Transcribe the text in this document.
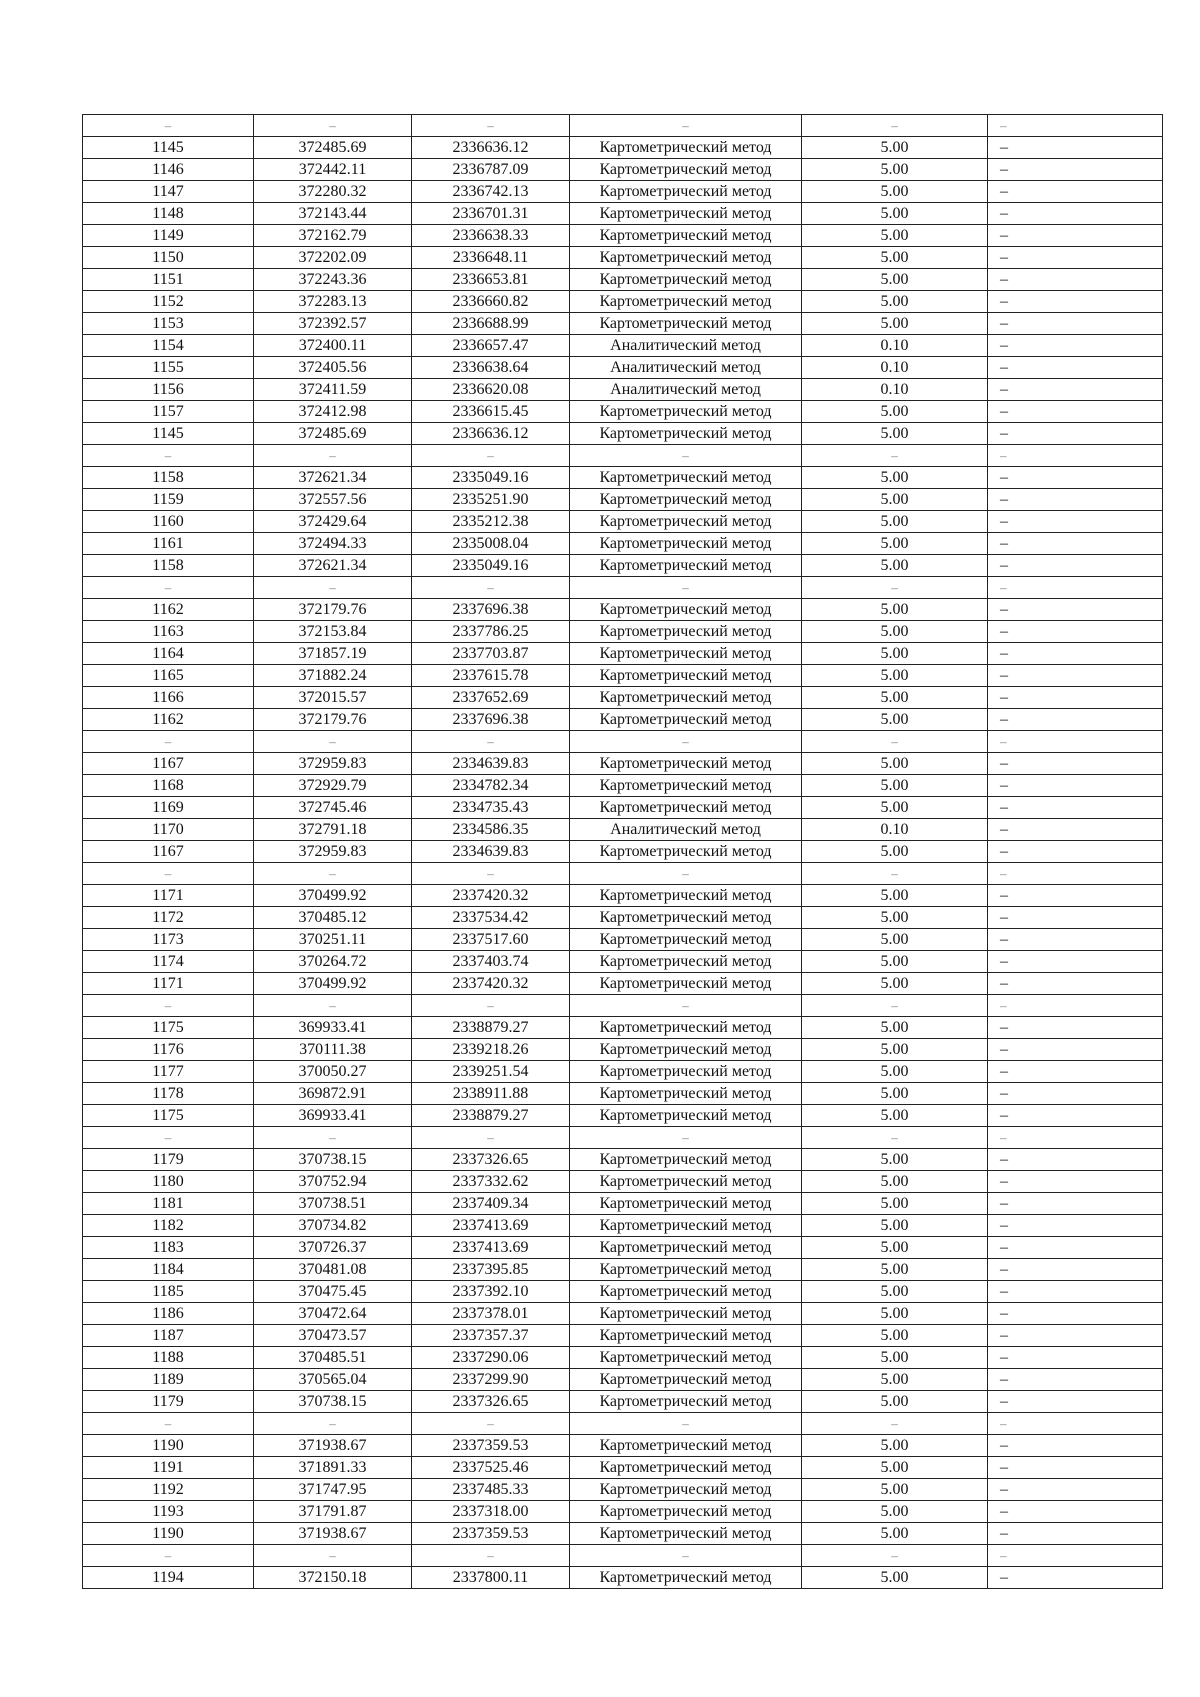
–	–	–	–	–	–
1145	372485.69	2336636.12	Картометрический метод	5.00	–
1146	372442.11	2336787.09	Картометрический метод	5.00	–
1147	372280.32	2336742.13	Картометрический метод	5.00	–
1148	372143.44	2336701.31	Картометрический метод	5.00	–
1149	372162.79	2336638.33	Картометрический метод	5.00	–
1150	372202.09	2336648.11	Картометрический метод	5.00	–
1151	372243.36	2336653.81	Картометрический метод	5.00	–
1152	372283.13	2336660.82	Картометрический метод	5.00	–
1153	372392.57	2336688.99	Картометрический метод	5.00	–
1154	372400.11	2336657.47	Аналитический метод	0.10	–
1155	372405.56	2336638.64	Аналитический метод	0.10	–
1156	372411.59	2336620.08	Аналитический метод	0.10	–
1157	372412.98	2336615.45	Картометрический метод	5.00	–
1145	372485.69	2336636.12	Картометрический метод	5.00	–
–	–	–	–	–	–
1158	372621.34	2335049.16	Картометрический метод	5.00	–
1159	372557.56	2335251.90	Картометрический метод	5.00	–
1160	372429.64	2335212.38	Картометрический метод	5.00	–
1161	372494.33	2335008.04	Картометрический метод	5.00	–
1158	372621.34	2335049.16	Картометрический метод	5.00	–
–	–	–	–	–	–
1162	372179.76	2337696.38	Картометрический метод	5.00	–
1163	372153.84	2337786.25	Картометрический метод	5.00	–
1164	371857.19	2337703.87	Картометрический метод	5.00	–
1165	371882.24	2337615.78	Картометрический метод	5.00	–
1166	372015.57	2337652.69	Картометрический метод	5.00	–
1162	372179.76	2337696.38	Картометрический метод	5.00	–
–	–	–	–	–	–
1167	372959.83	2334639.83	Картометрический метод	5.00	–
1168	372929.79	2334782.34	Картометрический метод	5.00	–
1169	372745.46	2334735.43	Картометрический метод	5.00	–
1170	372791.18	2334586.35	Аналитический метод	0.10	–
1167	372959.83	2334639.83	Картометрический метод	5.00	–
–	–	–	–	–	–
1171	370499.92	2337420.32	Картометрический метод	5.00	–
1172	370485.12	2337534.42	Картометрический метод	5.00	–
1173	370251.11	2337517.60	Картометрический метод	5.00	–
1174	370264.72	2337403.74	Картометрический метод	5.00	–
1171	370499.92	2337420.32	Картометрический метод	5.00	–
–	–	–	–	–	–
1175	369933.41	2338879.27	Картометрический метод	5.00	–
1176	370111.38	2339218.26	Картометрический метод	5.00	–
1177	370050.27	2339251.54	Картометрический метод	5.00	–
1178	369872.91	2338911.88	Картометрический метод	5.00	–
1175	369933.41	2338879.27	Картометрический метод	5.00	–
–	–	–	–	–	–
1179	370738.15	2337326.65	Картометрический метод	5.00	–
1180	370752.94	2337332.62	Картометрический метод	5.00	–
1181	370738.51	2337409.34	Картометрический метод	5.00	–
1182	370734.82	2337413.69	Картометрический метод	5.00	–
1183	370726.37	2337413.69	Картометрический метод	5.00	–
1184	370481.08	2337395.85	Картометрический метод	5.00	–
1185	370475.45	2337392.10	Картометрический метод	5.00	–
1186	370472.64	2337378.01	Картометрический метод	5.00	–
1187	370473.57	2337357.37	Картометрический метод	5.00	–
1188	370485.51	2337290.06	Картометрический метод	5.00	–
1189	370565.04	2337299.90	Картометрический метод	5.00	–
1179	370738.15	2337326.65	Картометрический метод	5.00	–
–	–	–	–	–	–
1190	371938.67	2337359.53	Картометрический метод	5.00	–
1191	371891.33	2337525.46	Картометрический метод	5.00	–
1192	371747.95	2337485.33	Картометрический метод	5.00	–
1193	371791.87	2337318.00	Картометрический метод	5.00	–
1190	371938.67	2337359.53	Картометрический метод	5.00	–
–	–	–	–	–	–
1194	372150.18	2337800.11	Картометрический метод	5.00	–
